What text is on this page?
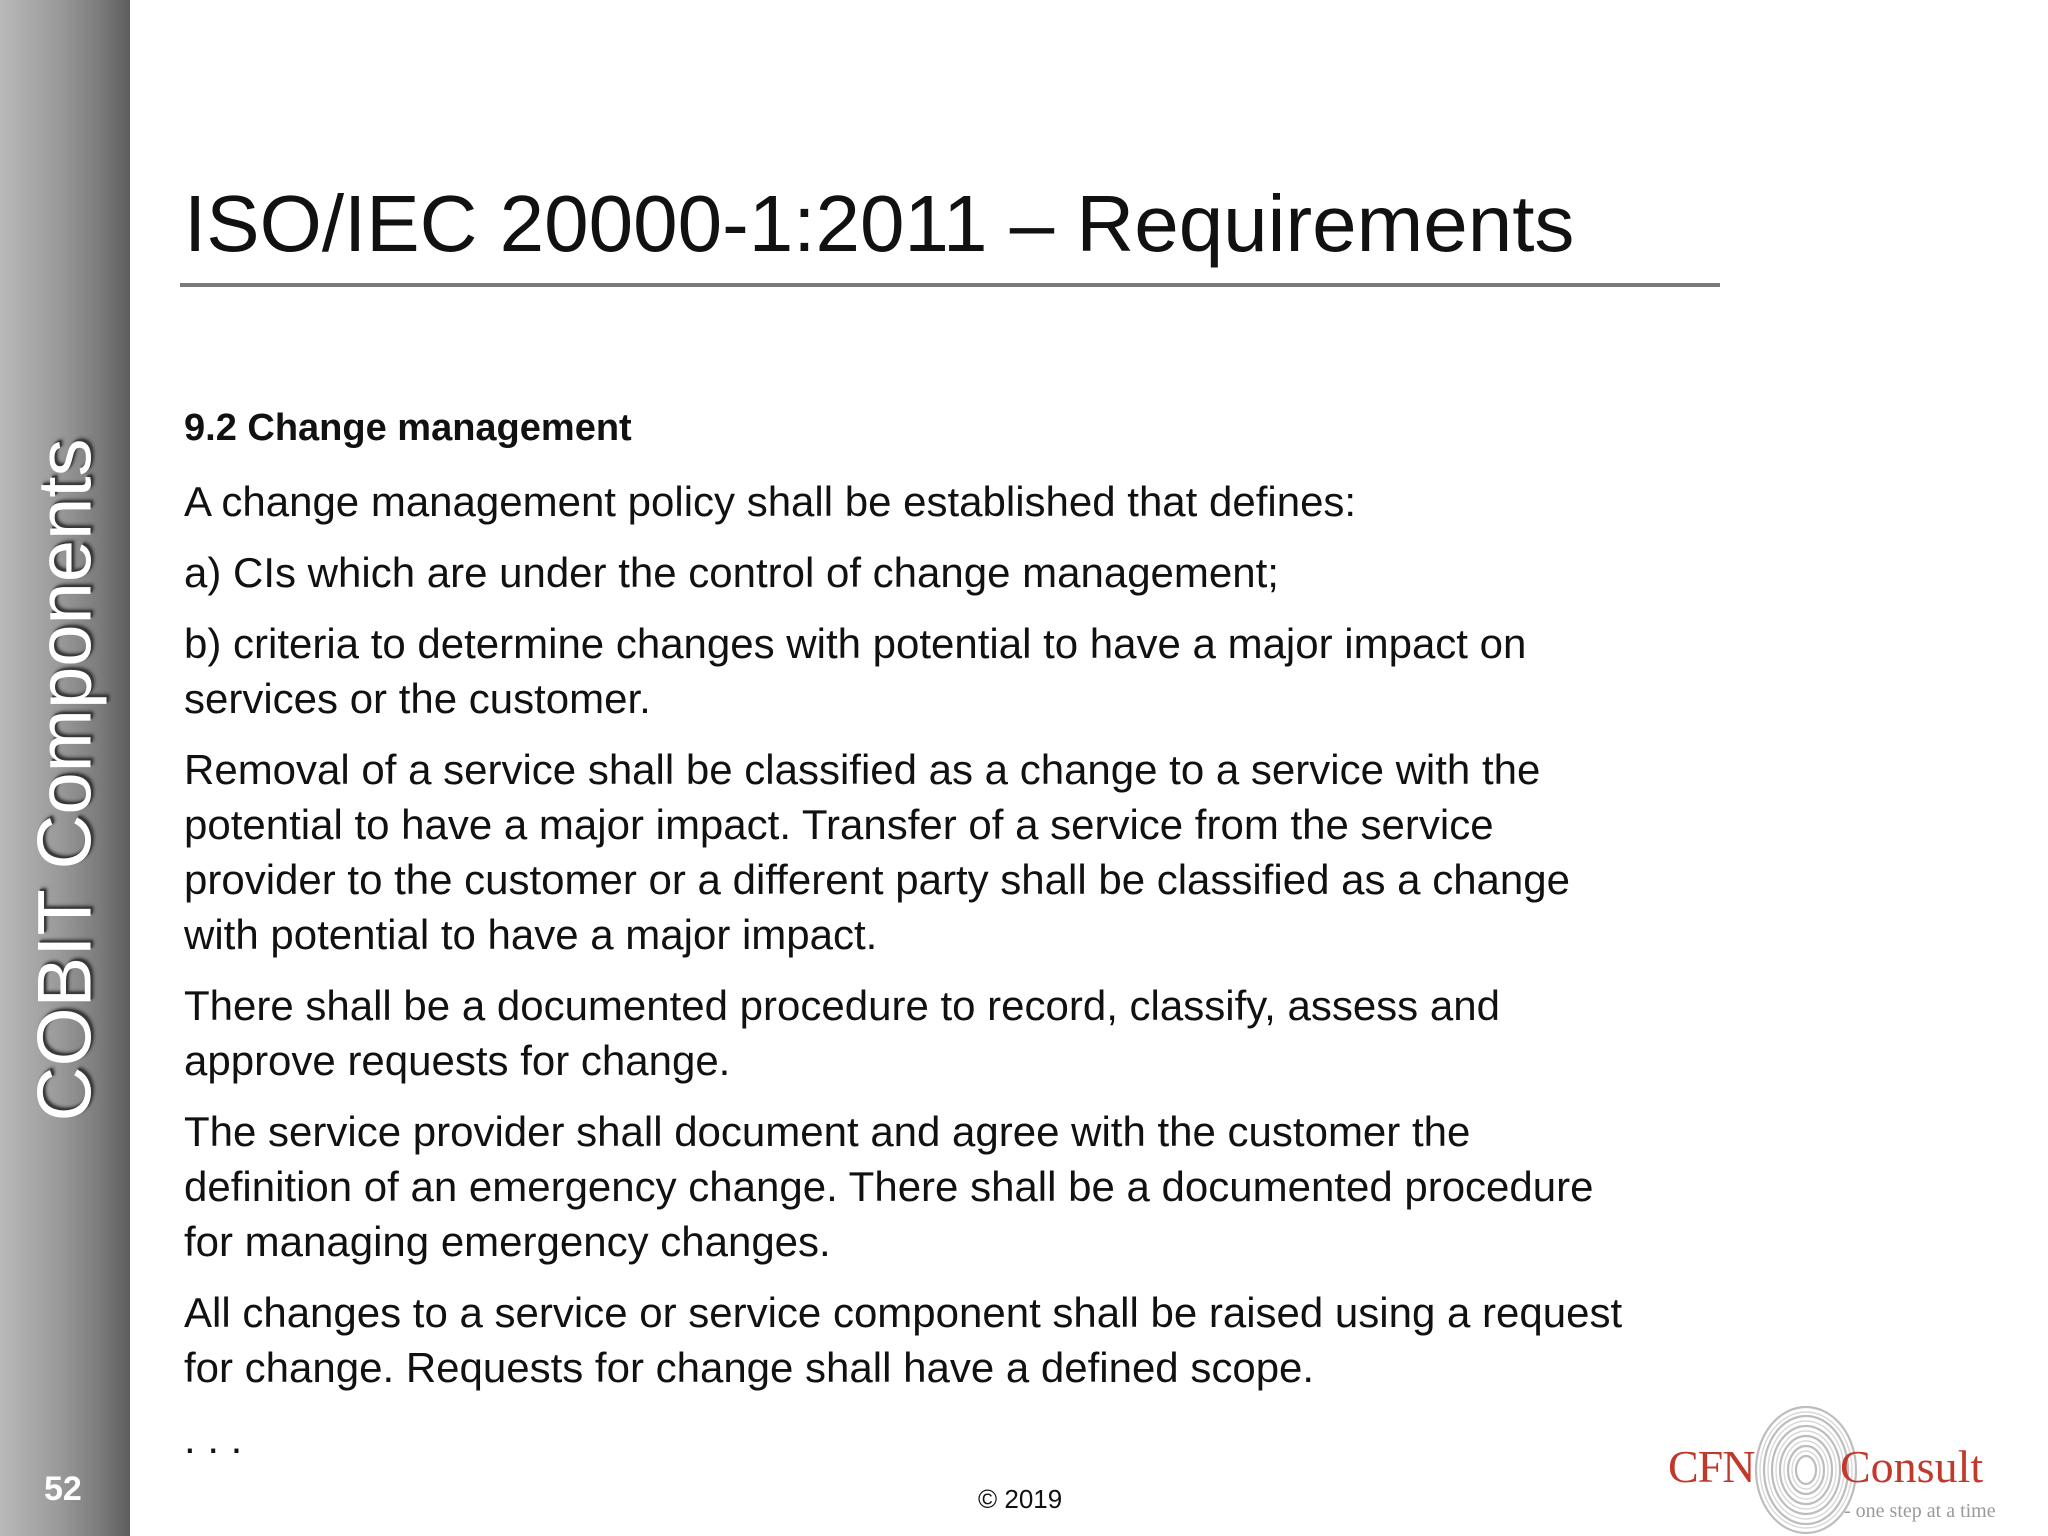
COBIT Components
52
ISO/IEC 20000-1:2011 – Requirements

9.2 Change management

A change management policy shall be established that defines:

a) CIs which are under the control of change management;

b) criteria to determine changes with potential to have a major impact on services or the customer.

Removal of a service shall be classified as a change to a service with the potential to have a major impact. Transfer of a service from the service provider to the customer or a different party shall be classified as a change with potential to have a major impact.

There shall be a documented procedure to record, classify, assess and approve requests for change.

The service provider shall document and agree with the customer the definition of an emergency change. There shall be a documented procedure for managing emergency changes.

All changes to a service or service component shall be raised using a request for change. Requests for change shall have a defined scope.

. . .

© 2019
CFN Consult
- one step at a time
